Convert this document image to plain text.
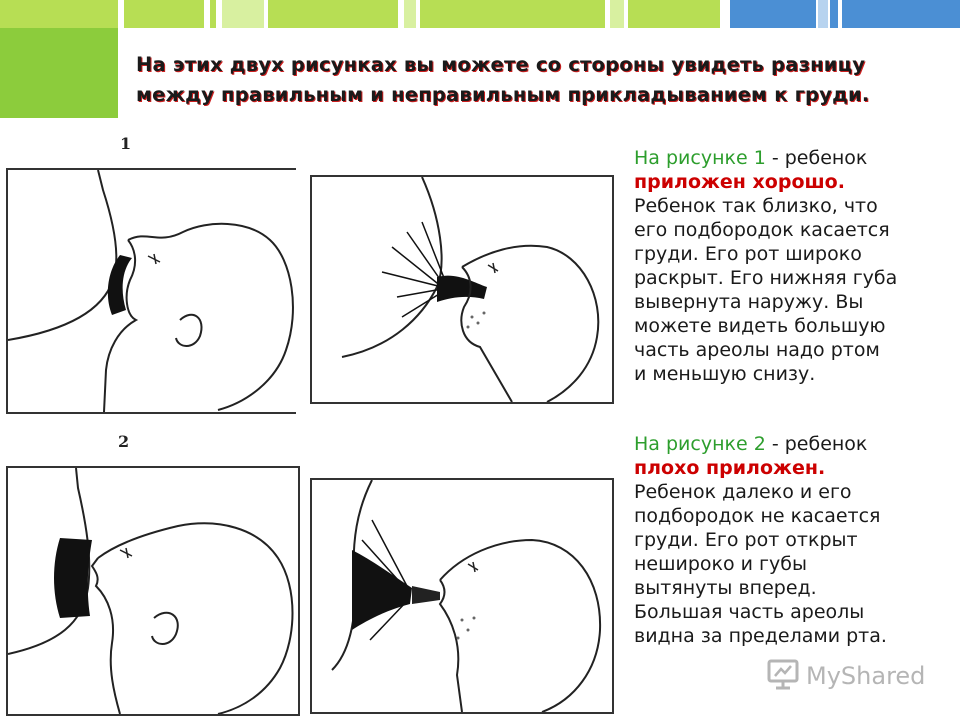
На этих двух рисунках вы можете со стороны увидеть разницу
между правильным и неправильным прикладыванием к груди.
1
2
На рисунке 1 - ребенок
приложен хорошо.
Ребенок так близко, что
его подбородок касается
груди. Его рот широко
раскрыт. Его нижняя губа
вывернута наружу. Вы
можете видеть большую
часть ареолы надо ртом
и меньшую снизу.
На рисунке 2 - ребенок
плохо приложен.
Ребенок далеко и его
подбородок не касается
груди. Его рот открыт
нешироко и губы
вытянуты вперед.
Большая часть ареолы
видна за пределами рта.
MyShared
